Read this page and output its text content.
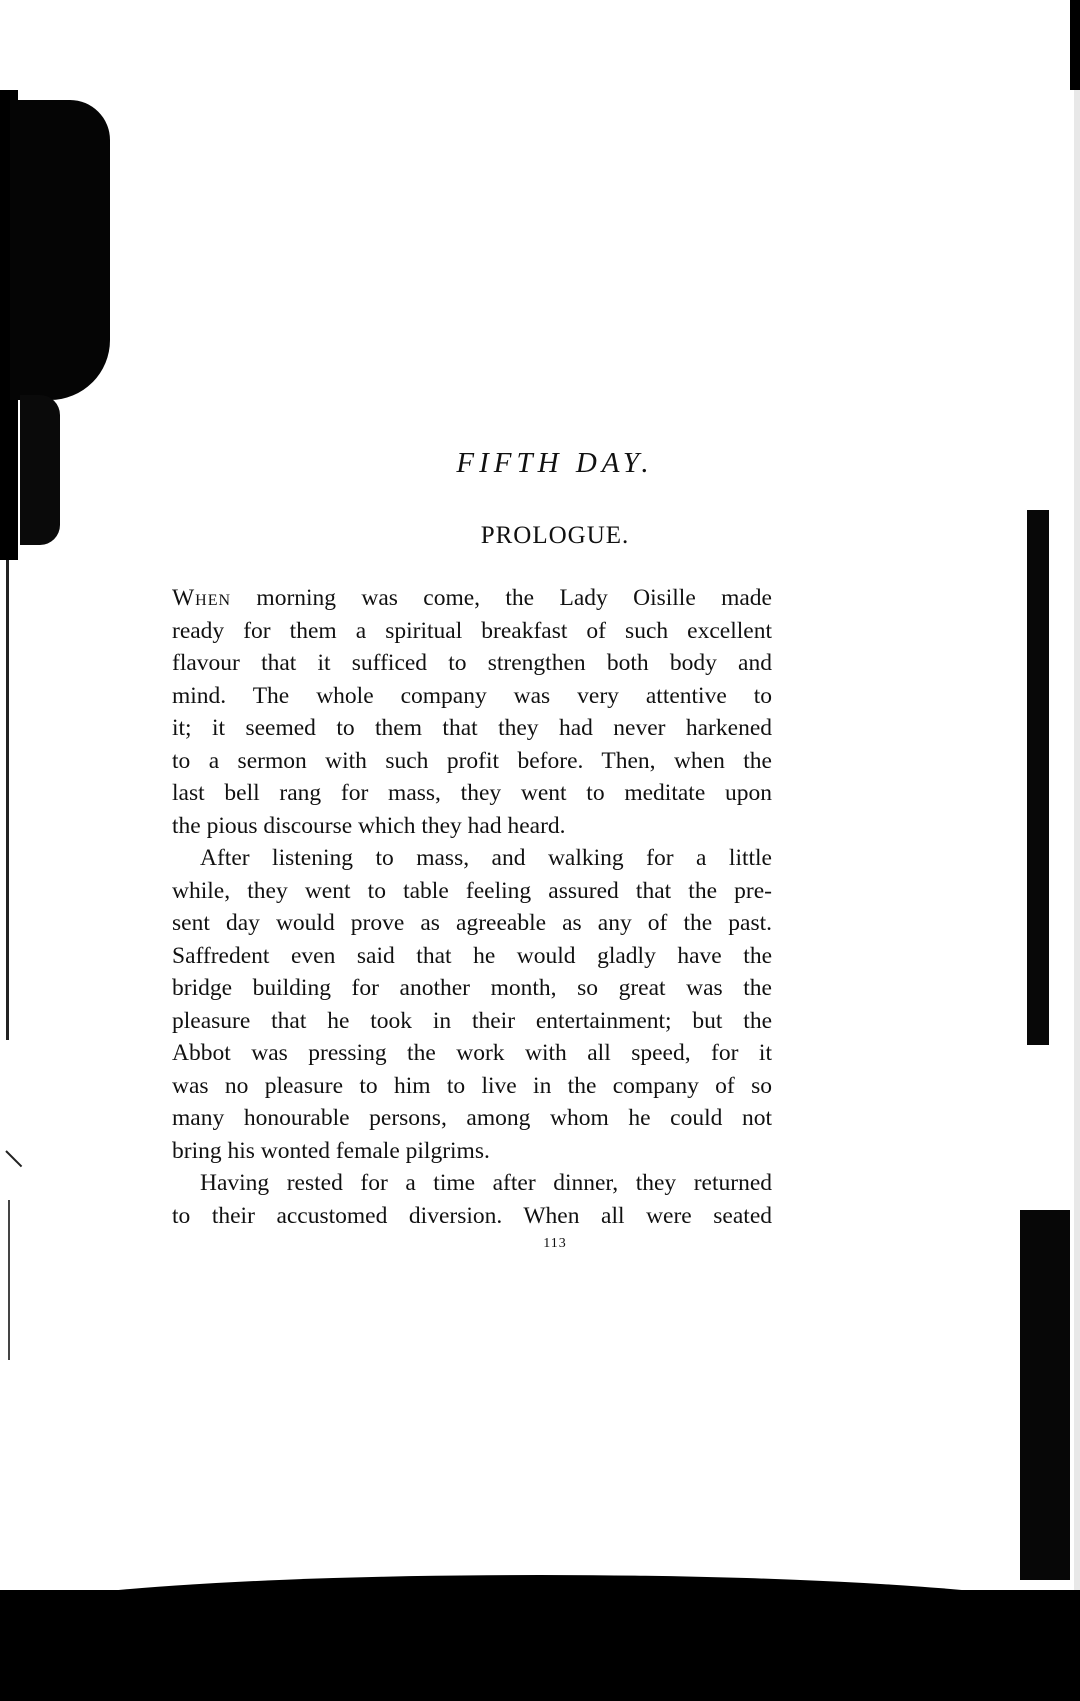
FIFTH DAY.
PROLOGUE.
When morning was come, the Lady Oisille made
ready for them a spiritual breakfast of such excellent
flavour that it sufficed to strengthen both body and
mind. The whole company was very attentive to
it; it seemed to them that they had never harkened
to a sermon with such profit before. Then, when the
last bell rang for mass, they went to meditate upon
the pious discourse which they had heard.
After listening to mass, and walking for a little
while, they went to table feeling assured that the pre-
sent day would prove as agreeable as any of the past.
Saffredent even said that he would gladly have the
bridge building for another month, so great was the
pleasure that he took in their entertainment; but the
Abbot was pressing the work with all speed, for it
was no pleasure to him to live in the company of so
many honourable persons, among whom he could not
bring his wonted female pilgrims.
Having rested for a time after dinner, they returned
to their accustomed diversion. When all were seated
113
